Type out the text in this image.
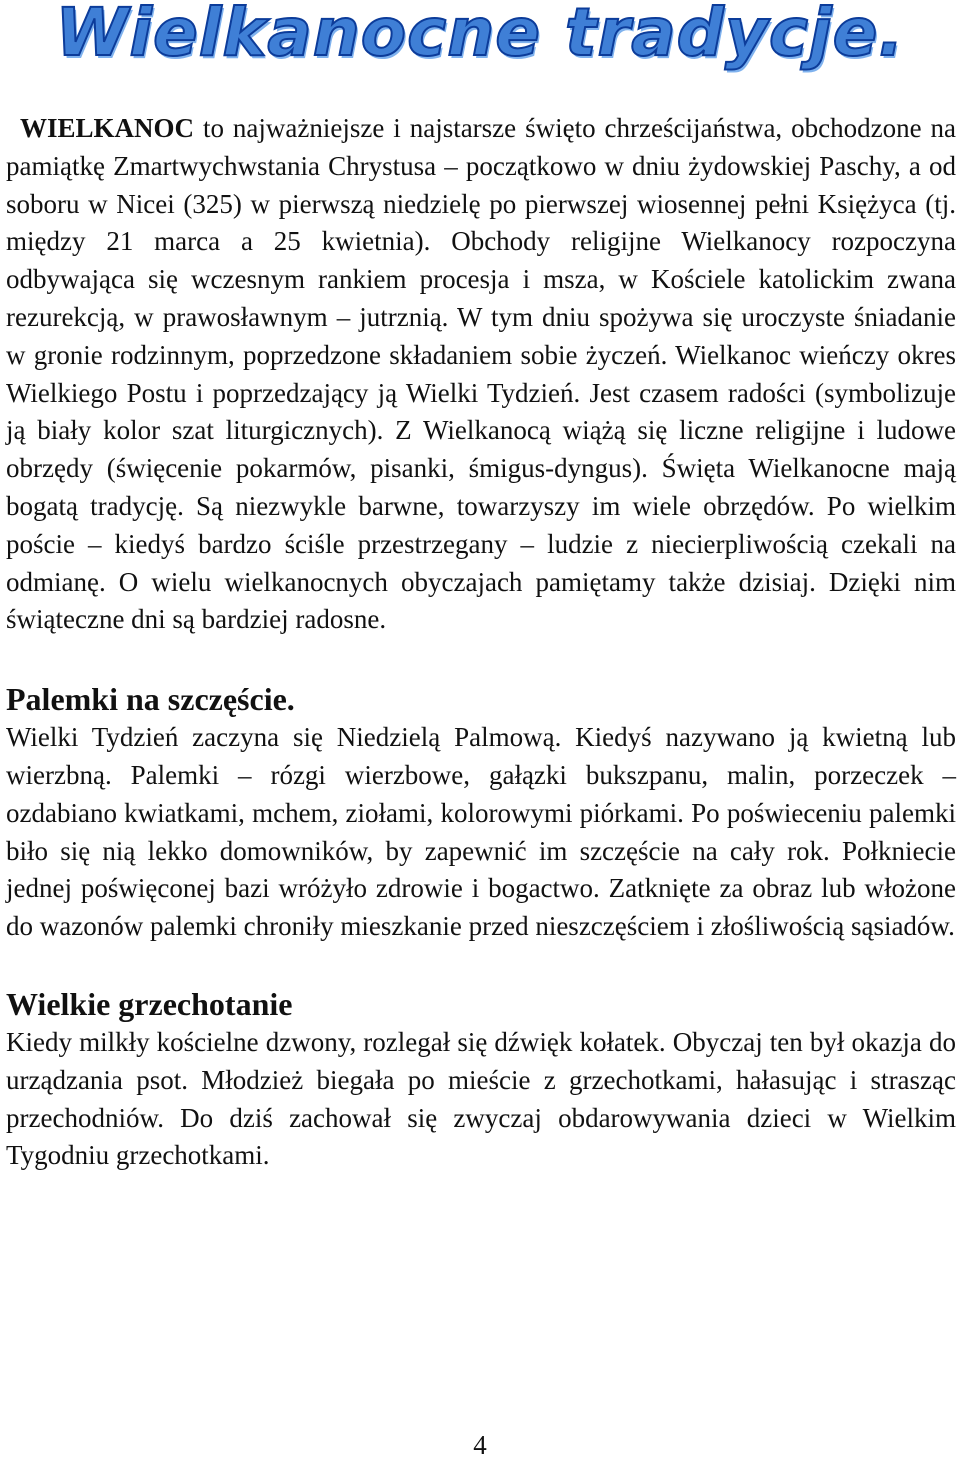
Wielkanocne tradycje.

WIELKANOC to najważniejsze i najstarsze święto chrześcijaństwa, obchodzone na pamiątkę Zmartwychwstania Chrystusa – początkowo w dniu żydowskiej Paschy, a od soboru w Nicei (325) w pierwszą niedzielę po pierwszej wiosennej pełni Księżyca (tj. między 21 marca a 25 kwietnia). Obchody religijne Wielkanocy rozpoczyna odbywająca się wczesnym rankiem procesja i msza, w Kościele katolickim zwana rezurekcją, w prawosławnym – jutrznią. W tym dniu spożywa się uroczyste śniadanie w gronie rodzinnym, poprzedzone składaniem sobie życzeń. Wielkanoc wieńczy okres Wielkiego Postu i poprzedzający ją Wielki Tydzień. Jest czasem radości (symbolizuje ją biały kolor szat liturgicznych). Z Wielkanocą wiążą się liczne religijne i ludowe obrzędy (święcenie pokarmów, pisanki, śmigus-dyngus). Święta Wielkanocne mają bogatą tradycję. Są niezwykle barwne, towarzyszy im wiele obrzędów. Po wielkim poście – kiedyś bardzo ściśle przestrzegany – ludzie z niecierpliwością czekali na odmianę. O wielu wielkanocnych obyczajach pamiętamy także dzisiaj. Dzięki nim świąteczne dni są bardziej radosne.

Palemki na szczęście.

Wielki Tydzień zaczyna się Niedzielą Palmową. Kiedyś nazywano ją kwietną lub wierzbną. Palemki – rózgi wierzbowe, gałązki bukszpanu, malin, porzeczek – ozdabiano kwiatkami, mchem, ziołami, kolorowymi piórkami. Po poświeceniu palemki biło się nią lekko domowników, by zapewnić im szczęście na cały rok. Połkniecie jednej poświęconej bazi wróżyło zdrowie i bogactwo. Zatknięte za obraz lub włożone do wazonów palemki chroniły mieszkanie przed nieszczęściem i złośliwością sąsiadów.

Wielkie grzechotanie

Kiedy milkły kościelne dzwony, rozlegał się dźwięk kołatek. Obyczaj ten był okazja do urządzania psot. Młodzież biegała po mieście z grzechotkami, hałasując i strasząc przechodniów. Do dziś zachował się zwyczaj obdarowywania dzieci w Wielkim Tygodniu grzechotkami.

4
